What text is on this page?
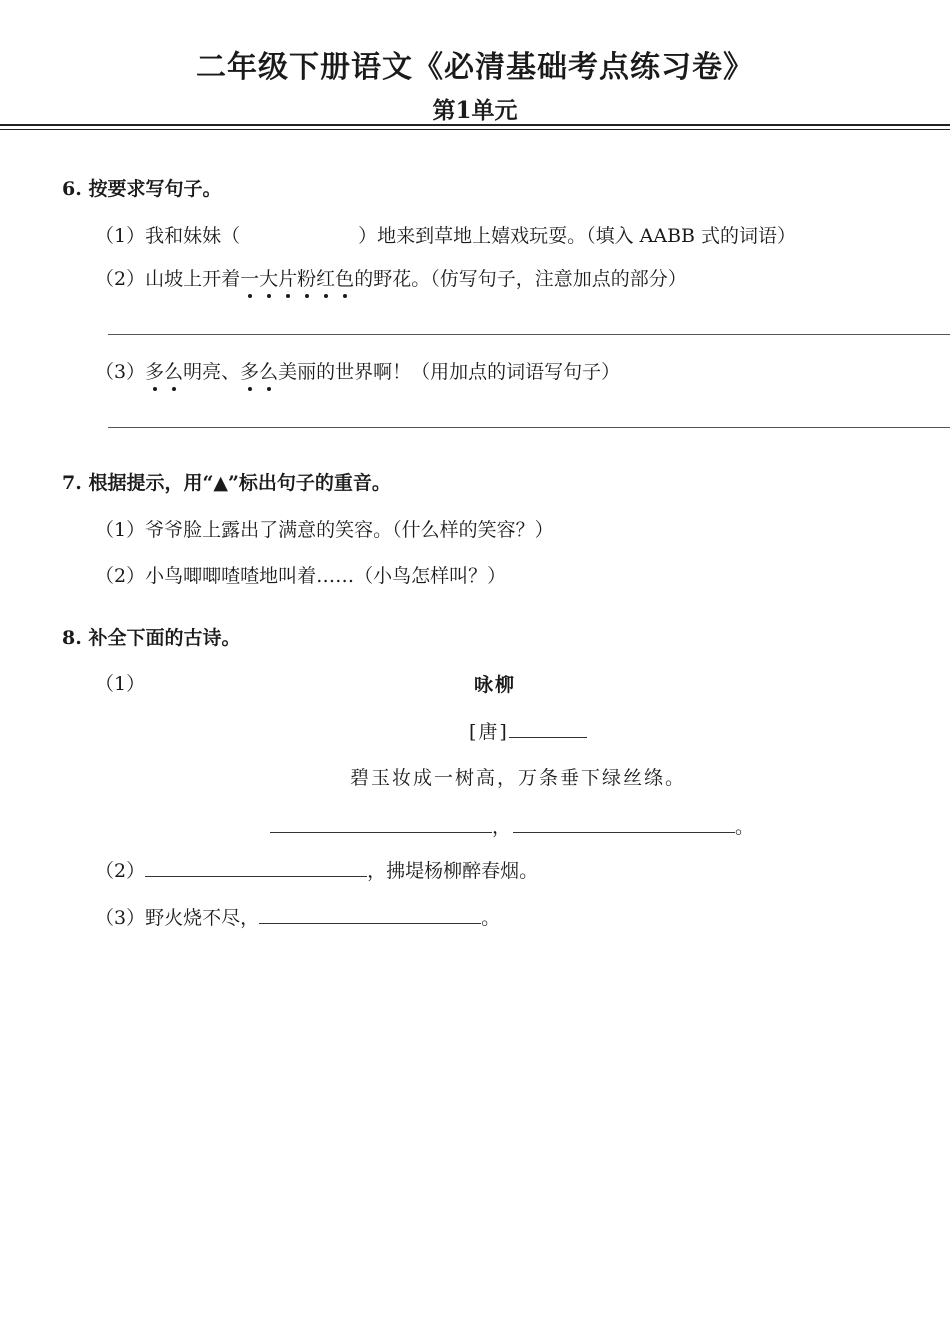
二年级下册语文《必清基础考点练习卷》
第1单元
6. 按要求写句子。
（1）我和妹妹（	）地来到草地上嬉戏玩耍。（填入 AABB 式的词语）
（2）山坡上开着一大片粉红色的野花。（仿写句子，注意加点的部分）
（3）多么明亮、多么美丽的世界啊！（用加点的词语写句子）
7. 根据提示，用“▲”标出句子的重音。
（1）爷爷脸上露出了满意的笑容。（什么样的笑容？）
（2）小鸟唧唧喳喳地叫着……（小鸟怎样叫？）
8. 补全下面的古诗。
（1）	咏柳
[唐]
碧玉妆成一树高，万条垂下绿丝绦。
，	。
（2）	，拂堤杨柳醉春烟。
（3）野火烧不尽，	。
